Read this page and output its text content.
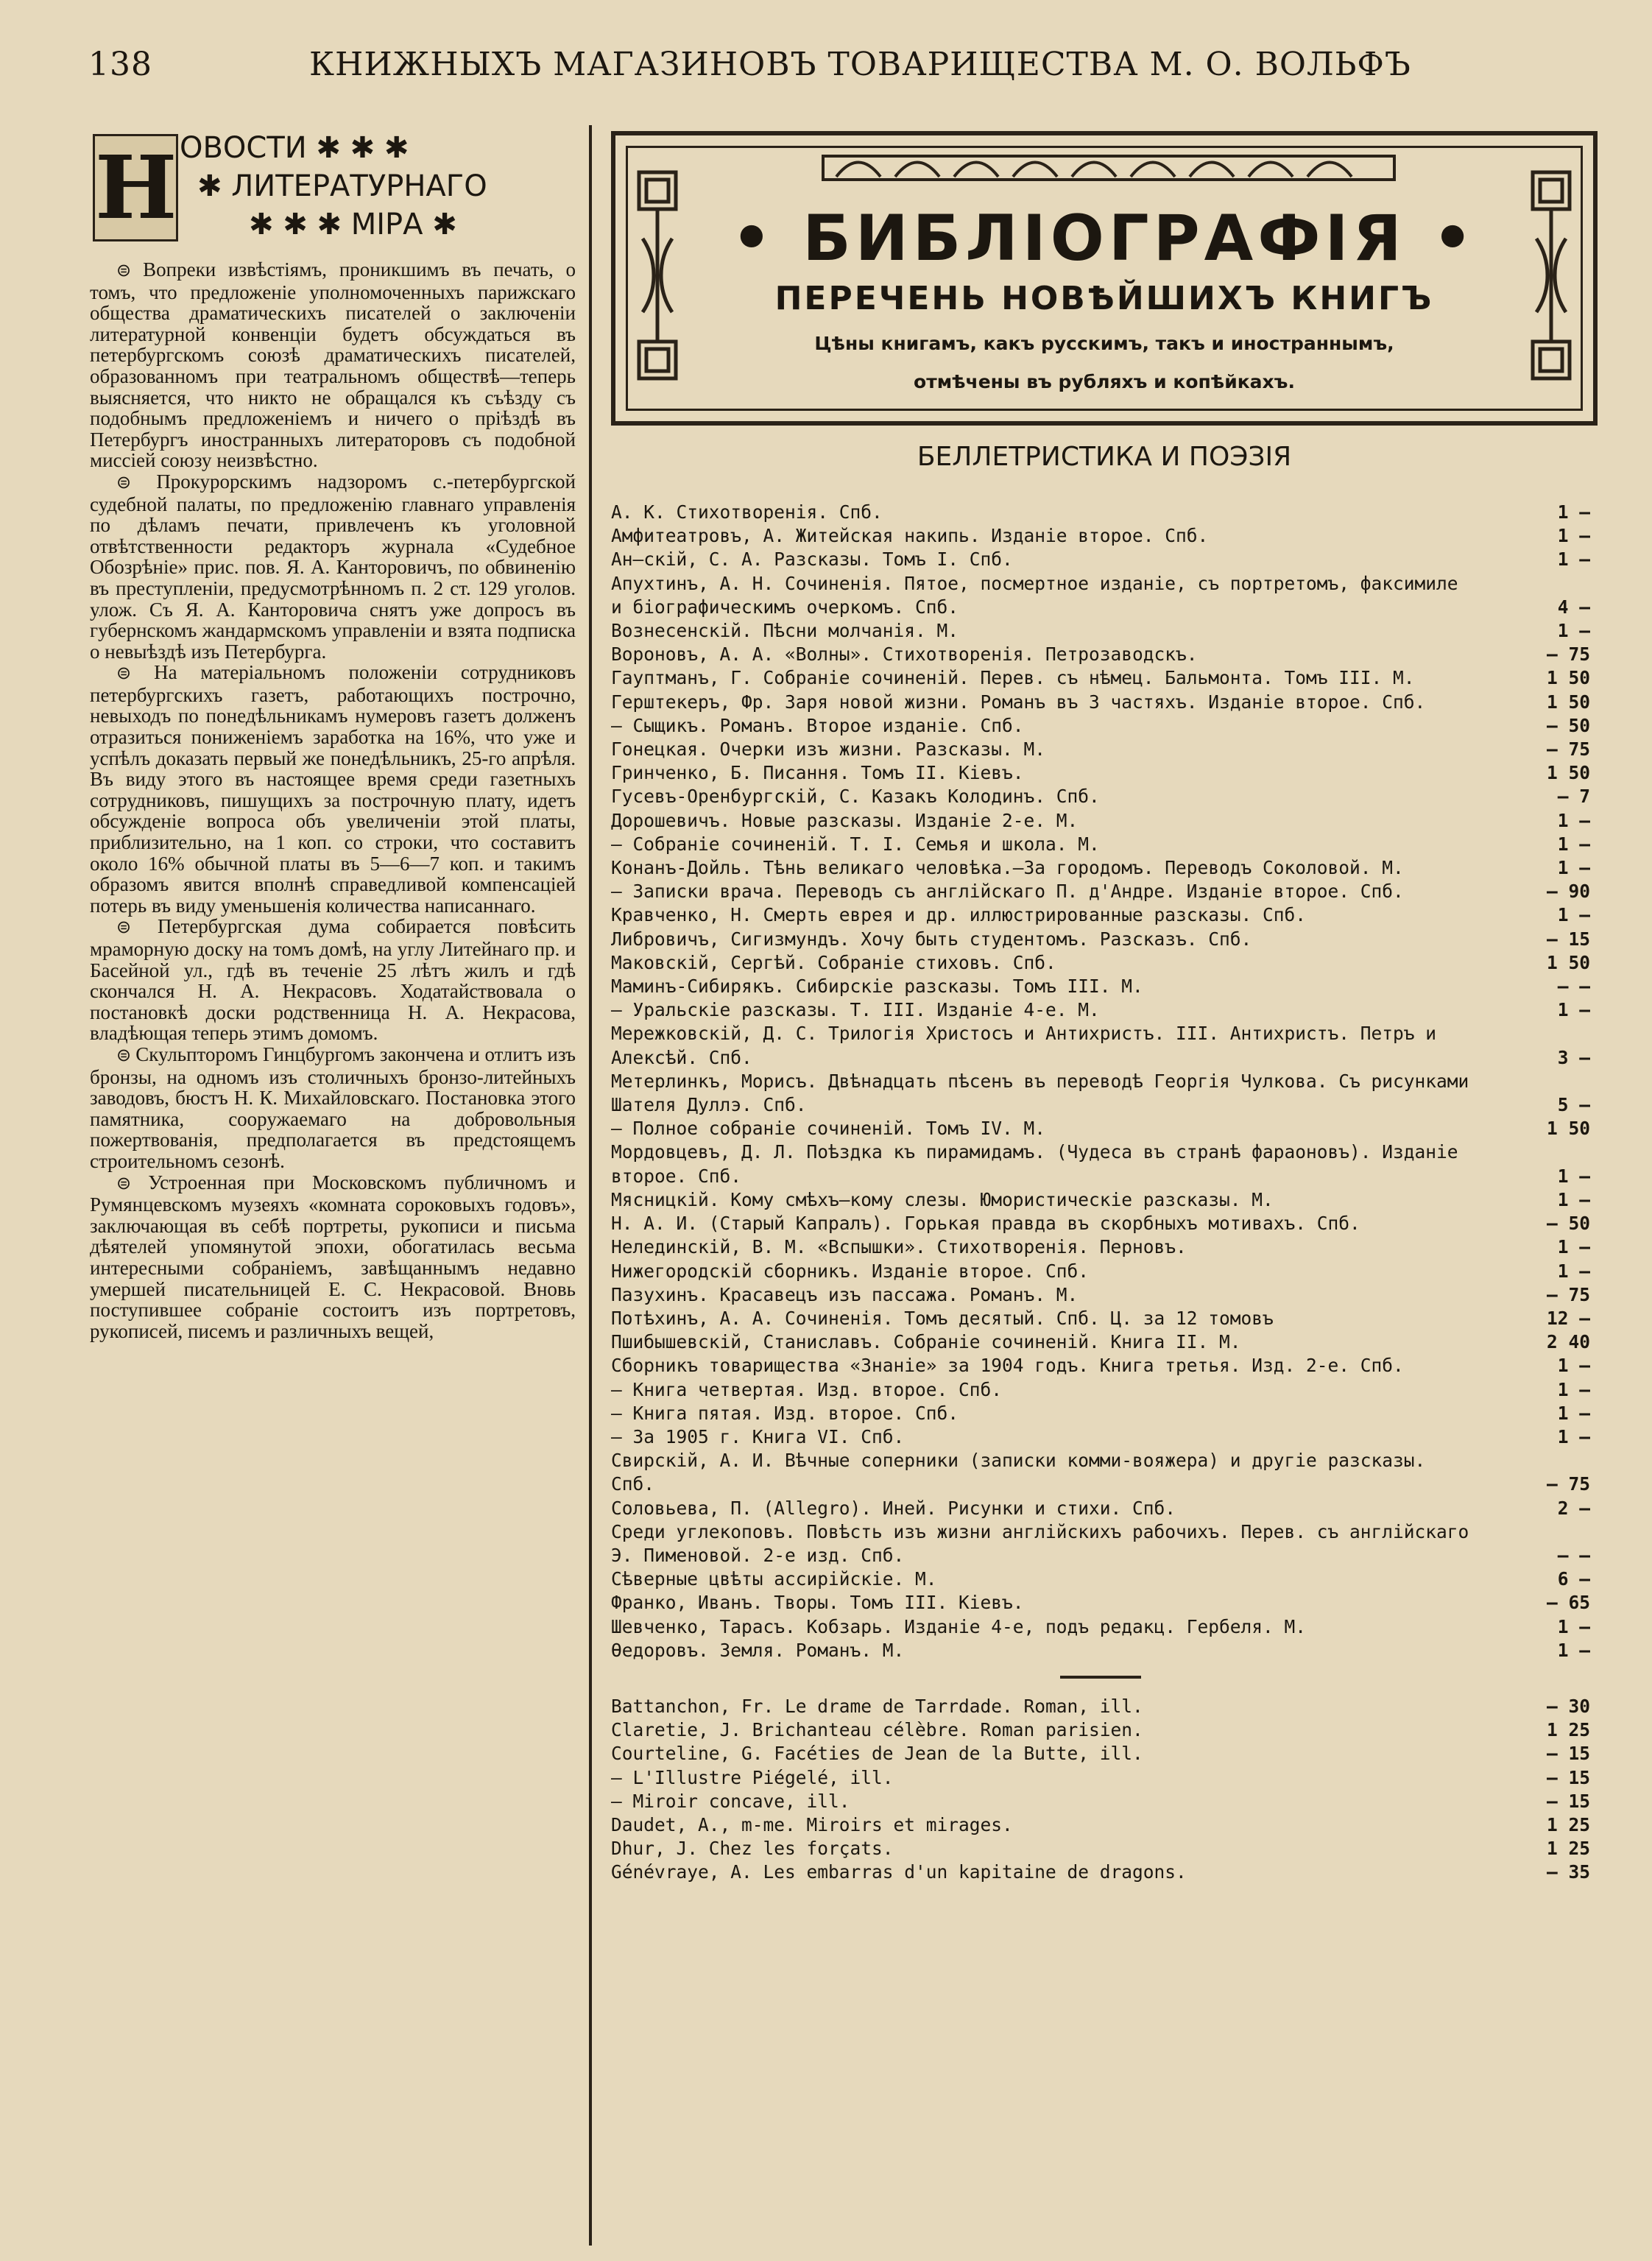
138	КНИЖНЫХЪ МАГАЗИНОВЪ ТОВАРИЩЕСТВА М. О. ВОЛЬФЪ
Н ОВОСТИ ✱ ✱ ✱
✱ ЛИТЕРАТУРНАГО
✱ ✱ ✱ МIРА ✱

⊜ Вопреки извѣстіямъ, проникшимъ въ печать, о томъ, что предложеніе уполномоченныхъ парижскаго общества драматическихъ писателей о заключеніи литературной конвенціи будетъ обсуждаться въ петербургскомъ союзѣ драматическихъ писателей, образованномъ при театральномъ обществѣ—теперь выясняется, что никто не обращался къ съѣзду съ подобнымъ предложеніемъ и ничего о пріѣздѣ въ Петербургъ иностранныхъ литераторовъ съ подобной миссіей союзу неизвѣстно.

⊜ Прокурорскимъ надзоромъ с.-петербургской судебной палаты, по предложенію главнаго управленія по дѣламъ печати, привлеченъ къ уголовной отвѣтственности редакторъ журнала «Судебное Обозрѣніе» прис. пов. Я. А. Канторовичъ, по обвиненію въ преступленіи, предусмотрѣнномъ п. 2 ст. 129 уголов. улож. Съ Я. А. Канторовича снятъ уже допросъ въ губернскомъ жандармскомъ управленіи и взята подписка о невыѣздѣ изъ Петербурга.

⊜ На матеріальномъ положеніи сотрудниковъ петербургскихъ газетъ, работающихъ построчно, невыходъ по понедѣльникамъ нумеровъ газетъ долженъ отразиться пониженіемъ заработка на 16%, что уже и успѣлъ доказать первый же понедѣльникъ, 25-го апрѣля. Въ виду этого въ настоящее время среди газетныхъ сотрудниковъ, пишущихъ за построчную плату, идетъ обсужденіе вопроса объ увеличеніи этой платы, приблизительно, на 1 коп. со строки, что составитъ около 16% обычной платы въ 5—6—7 коп. и такимъ образомъ явится вполнѣ справедливой компенсаціей потерь въ виду уменьшенія количества написаннаго.

⊜ Петербургская дума собирается повѣсить мраморную доску на томъ домѣ, на углу Литейнаго пр. и Басейной ул., гдѣ въ теченіе 25 лѣтъ жилъ и гдѣ скончался Н. А. Некрасовъ. Ходатайствовала о постановкѣ доски родственница Н. А. Некрасова, владѣющая теперь этимъ домомъ.

⊜ Скульпторомъ Гинцбургомъ закончена и отлитъ изъ бронзы, на одномъ изъ столичныхъ бронзо-литейныхъ заводовъ, бюстъ Н. К. Михайловскаго. Постановка этого памятника, сооружаемаго на добровольныя пожертвованія, предполагается въ предстоящемъ строительномъ сезонѣ.

⊜ Устроенная при Московскомъ публичномъ и Румянцевскомъ музеяхъ «комната сороковыхъ годовъ», заключающая въ себѣ портреты, рукописи и письма дѣятелей упомянутой эпохи, обогатилась весьма интересными собраніемъ, завѣщаннымъ недавно умершей писательницей Е. С. Некрасовой. Вновь поступившее собраніе состоитъ изъ портретовъ, рукописей, писемъ и различныхъ вещей,

• БИБЛІОГРАФІЯ •
ПЕРЕЧЕНЬ НОВѢЙШИХЪ КНИГЪ
Цѣны книгамъ, какъ русскимъ, такъ и иностраннымъ,
отмѣчены въ рубляхъ и копѣйкахъ.
БЕЛЛЕТРИСТИКА И ПОЭЗІЯ
А. К. Стихотворенія. Спб.	1 —
Амфитеатровъ, А. Житейская накипь. Изданіе второе. Спб.	1 —
Ан—скій, С. А. Разсказы. Томъ I. Спб.	1 —
Апухтинъ, А. Н. Сочиненія. Пятое, посмертное изданіе, съ портретомъ, факсимиле и біографическимъ очеркомъ. Спб.	4 —
Вознесенскій. Пѣсни молчанія. М.	1 —
Вороновъ, А. А. «Волны». Стихотворенія. Петрозаводскъ.	— 75
Гауптманъ, Г. Собраніе сочиненій. Перев. съ нѣмец. Бальмонта. Томъ III. М.	1 50
Герштекеръ, Фр. Заря новой жизни. Романъ въ 3 частяхъ. Изданіе второе. Спб.	1 50
— Сыщикъ. Романъ. Второе изданіе. Спб.	— 50
Гонецкая. Очерки изъ жизни. Разсказы. М.	— 75
Гринченко, Б. Писання. Томъ II. Кіевъ.	1 50
Гусевъ-Оренбургскій, С. Казакъ Колодинъ. Спб.	— 7
Дорошевичъ. Новые разсказы. Изданіе 2-е. М.	1 —
— Собраніе сочиненій. Т. I. Семья и школа. М.	1 —
Конанъ-Дойль. Тѣнь великаго человѣка.—За городомъ. Переводъ Соколовой. М.	1 —
— Записки врача. Переводъ съ англійскаго П. д'Андре. Изданіе второе. Спб.	— 90
Кравченко, Н. Смерть еврея и др. иллюстрированные разсказы. Спб.	1 —
Либровичъ, Сигизмундъ. Хочу быть студентомъ. Разсказъ. Спб.	— 15
Маковскій, Сергѣй. Собраніе стиховъ. Спб.	1 50
Маминъ-Сибирякъ. Сибирскіе разсказы. Томъ III. М.	— —
— Уральскіе разсказы. Т. III. Изданіе 4-е. М.	1 —
Мережковскій, Д. С. Трилогія Христосъ и Антихристъ. III. Антихристъ. Петръ и Алексѣй. Спб.	3 —
Метерлинкъ, Морисъ. Двѣнадцать пѣсенъ въ переводѣ Георгія Чулкова. Съ рисунками Шателя Дуллэ. Спб.	5 —
— Полное собраніе сочиненій. Томъ IV. М.	1 50
Мордовцевъ, Д. Л. Поѣздка къ пирамидамъ. (Чудеса въ странѣ фараоновъ). Изданіе второе. Спб.	1 —
Мясницкій. Кому смѣхъ—кому слезы. Юмористическіе разсказы. М.	1 —
Н. А. И. (Старый Капралъ). Горькая правда въ скорбныхъ мотивахъ. Спб.	— 50
Нелединскій, В. М. «Вспышки». Стихотворенія. Перновъ.	1 —
Нижегородскій сборникъ. Изданіе второе. Спб.	1 —
Пазухинъ. Красавецъ изъ пассажа. Романъ. М.	— 75
Потѣхинъ, А. А. Сочиненія. Томъ десятый. Спб. Ц. за 12 томовъ	12 —
Пшибышевскій, Станиславъ. Собраніе сочиненій. Книга II. М.	2 40
Сборникъ товарищества «Знаніе» за 1904 годъ. Книга третья. Изд. 2-е. Спб.	1 —
— Книга четвертая. Изд. второе. Спб.	1 —
— Книга пятая. Изд. второе. Спб.	1 —
— За 1905 г. Книга VI. Спб.	1 —
Свирскій, А. И. Вѣчные соперники (записки комми-вояжера) и другіе разсказы. Спб.	— 75
Соловьева, П. (Allegro). Иней. Рисунки и стихи. Спб.	2 —
Среди углекоповъ. Повѣсть изъ жизни англійскихъ рабочихъ. Перев. съ англійскаго Э. Пименовой. 2-е изд. Спб.	— —
Сѣверные цвѣты ассирійскіе. М.	6 —
Франко, Иванъ. Творы. Томъ III. Кіевъ.	— 65
Шевченко, Тарасъ. Кобзарь. Изданіе 4-е, подъ редакц. Гербеля. М.	1 —
Ѳедоровъ. Земля. Романъ. М.	1 —
Battanchon, Fr. Le drame de Tarrdade. Roman, ill.	— 30
Claretie, J. Brichanteau célèbre. Roman parisien.	1 25
Courteline, G. Facéties de Jean de la Butte, ill.	— 15
— L'Illustre Piégelé, ill.	— 15
— Miroir concave, ill.	— 15
Daudet, A., m-me. Miroirs et mirages.	1 25
Dhur, J. Chez les forçats.	1 25
Génévraye, A. Les embarras d'un kapitaine de dragons.	— 35
